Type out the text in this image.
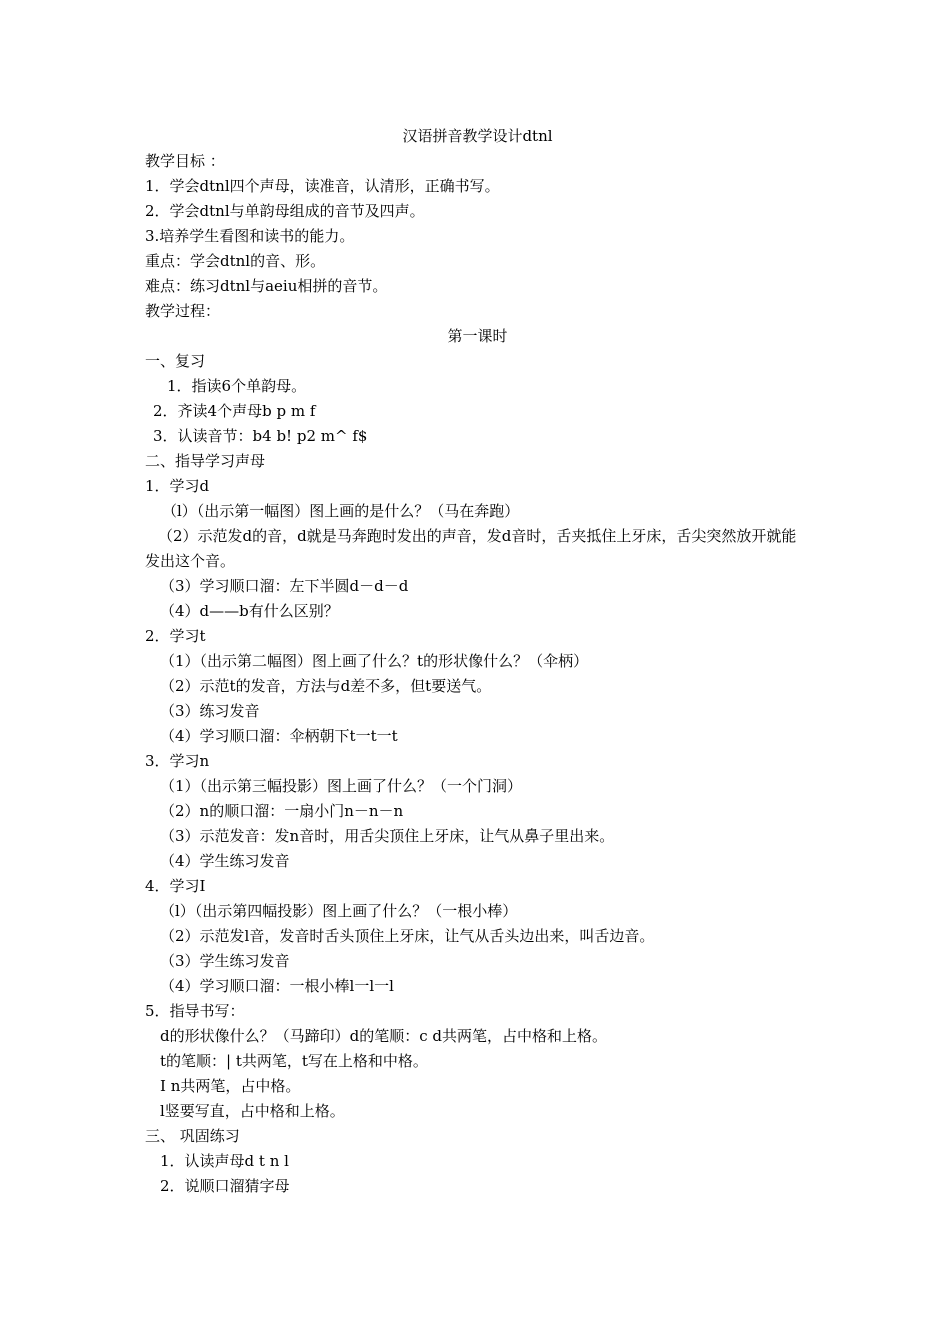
汉语拼音教学设计dtnl
教学目标 ：
1．学会dtnl四个声母，读准音，认清形，正确书写。
2．学会dtnl与单韵母组成的音节及四声。
3.培养学生看图和读书的能力。
重点：学会dtnl的音、形。
难点：练习dtnl与aeiu相拼的音节。
教学过程：
第一课时
一、复习
1．指读6个单韵母。
2．齐读4个声母b p m f
3．认读音节：b4 b! p2 m^ f$
二、指导学习声母
1．学习d
（l）（出示第一幅图）图上画的是什么？（马在奔跑）
（2）示范发d的音，d就是马奔跑时发出的声音，发d音时，舌夹抵住上牙床，舌尖突然放开就能发出这个音。
（3）学习顺口溜：左下半圆d－d－d
（4）d——b有什么区别？
2．学习t
（1）（出示第二幅图）图上画了什么？t的形状像什么？（伞柄）
（2）示范t的发音，方法与d差不多，但t要送气。
（3）练习发音
（4）学习顺口溜：伞柄朝下t一t一t
3．学习n
（1）（出示第三幅投影）图上画了什么？（一个门洞）
（2）n的顺口溜：一扇小门n－n－n
（3）示范发音：发n音时，用舌尖顶住上牙床，让气从鼻子里出来。
（4）学生练习发音
4．学习I
（l）（出示第四幅投影）图上画了什么？（一根小棒）
（2）示范发l音，发音时舌头顶住上牙床，让气从舌头边出来，叫舌边音。
（3）学生练习发音
（4）学习顺口溜：一根小棒l一l一l
5．指导书写：
d的形状像什么？（马蹄印）d的笔顺：c d共两笔，占中格和上格。
t的笔顺：| t共两笔，t写在上格和中格。
I n共两笔，占中格。
l竖要写直，占中格和上格。
三、 巩固练习
1．认读声母d t n l
2．说顺口溜猜字母
